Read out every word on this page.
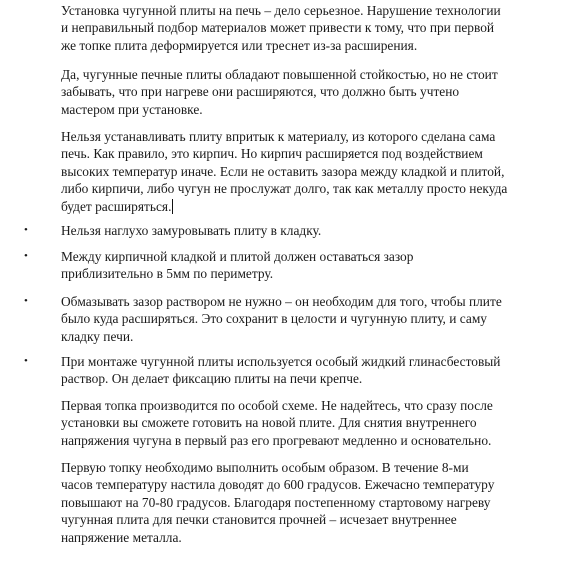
Установка чугунной плиты на печь – дело серьезное. Нарушение технологии
и неправильный подбор материалов может привести к тому, что при первой
же топке плита деформируется или треснет из-за расширения.

Да, чугунные печные плиты обладают повышенной стойкостью, но не стоит
забывать, что при нагреве они расширяются, что должно быть учтено
мастером при установке.

Нельзя устанавливать плиту впритык к материалу, из которого сделана сама
печь. Как правило, это кирпич. Но кирпич расширяется под воздействием
высоких температур иначе. Если не оставить зазора между кладкой и плитой,
либо кирпичи, либо чугун не прослужат долго, так как металлу просто некуда
будет расширяться.

•	Нельзя наглухо замуровывать плиту в кладку.
•	Между кирпичной кладкой и плитой должен оставаться зазор
приблизительно в 5мм по периметру.
•	Обмазывать зазор раствором не нужно – он необходим для того, чтобы плите
было куда расширяться. Это сохранит в целости и чугунную плиту, и саму
кладку печи.
•	При монтаже чугунной плиты используется особый жидкий глинасбестовый
раствор. Он делает фиксацию плиты на печи крепче.

Первая топка производится по особой схеме. Не надейтесь, что сразу после
установки вы сможете готовить на новой плите. Для снятия внутреннего
напряжения чугуна в первый раз его прогревают медленно и основательно.

Первую топку необходимо выполнить особым образом. В течение 8-ми
часов температуру настила доводят до 600 градусов. Ежечасно температуру
повышают на 70-80 градусов. Благодаря постепенному стартовому нагреву
чугунная плита для печки становится прочней – исчезает внутреннее
напряжение металла.
